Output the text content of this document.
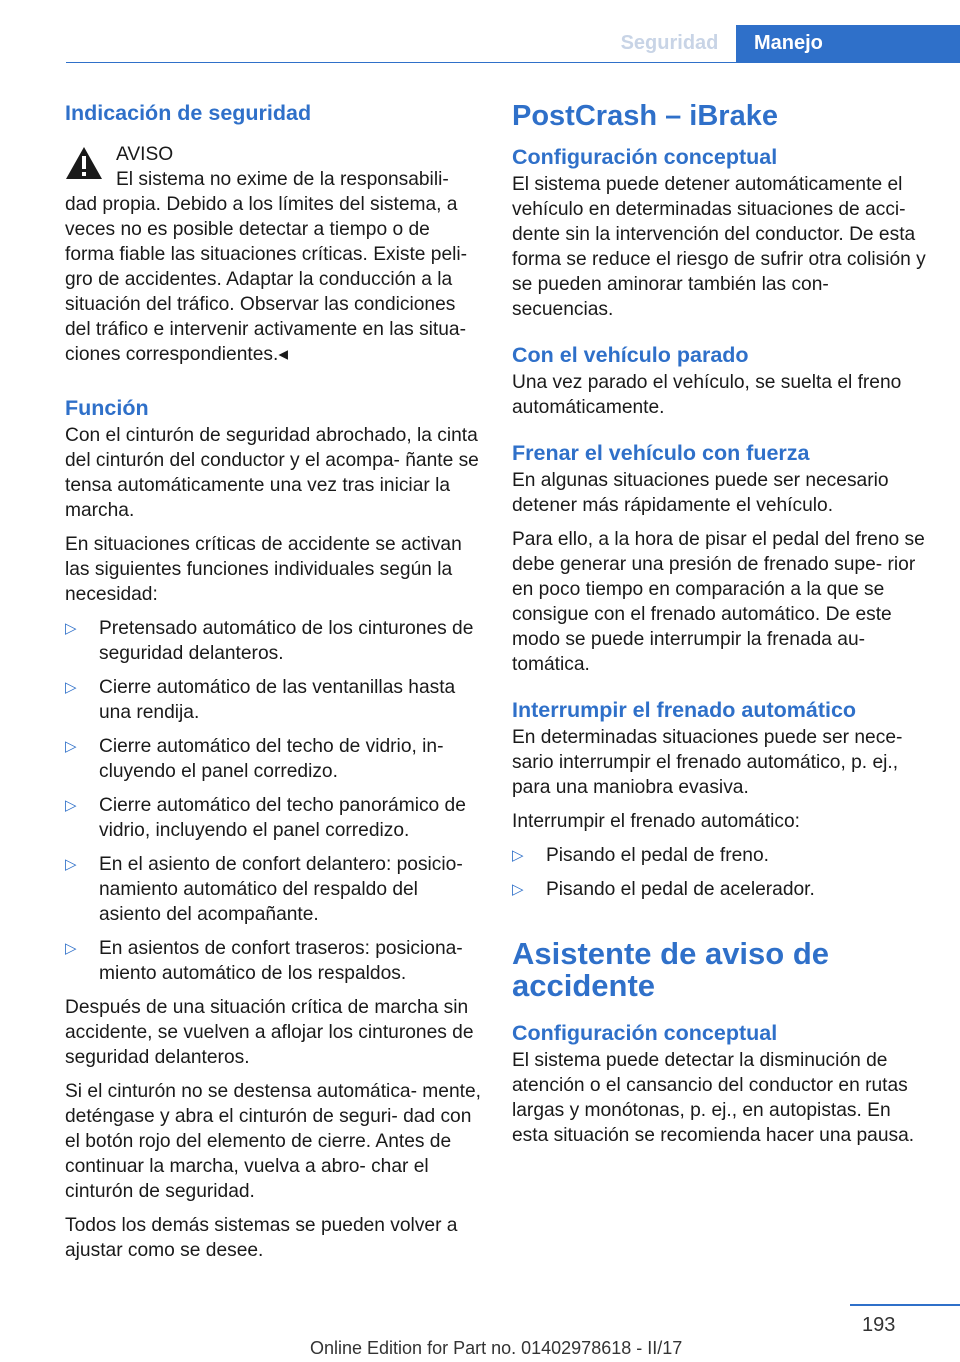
Seguridad	Manejo
Indicación de seguridad

AVISO

El sistema no exime de la responsabili-

dad propia. Debido a los límites del sistema, a veces no es posible detectar a tiempo o de forma fiable las situaciones críticas. Existe peli- gro de accidentes. Adaptar la conducción a la situación del tráfico. Observar las condiciones del tráfico e intervenir activamente en las situa- ciones correspondientes.◂

Función

Con el cinturón de seguridad abrochado, la cinta del cinturón del conductor y el acompa- ñante se tensa automáticamente una vez tras iniciar la marcha.

En situaciones críticas de accidente se activan las siguientes funciones individuales según la necesidad:

▷ Pretensado automático de los cinturones de seguridad delanteros.
▷ Cierre automático de las ventanillas hasta una rendija.
▷ Cierre automático del techo de vidrio, in- cluyendo el panel corredizo.
▷ Cierre automático del techo panorámico de vidrio, incluyendo el panel corredizo.
▷ En el asiento de confort delantero: posicio- namiento automático del respaldo del asiento del acompañante.
▷ En asientos de confort traseros: posiciona- miento automático de los respaldos.

Después de una situación crítica de marcha sin accidente, se vuelven a aflojar los cinturones de seguridad delanteros.

Si el cinturón no se destensa automática- mente, deténgase y abra el cinturón de seguri- dad con el botón rojo del elemento de cierre. Antes de continuar la marcha, vuelva a abro- char el cinturón de seguridad.

Todos los demás sistemas se pueden volver a ajustar como se desee.

PostCrash – iBrake
Configuración conceptual

El sistema puede detener automáticamente el vehículo en determinadas situaciones de acci- dente sin la intervención del conductor. De esta forma se reduce el riesgo de sufrir otra colisión y se pueden aminorar también las con- secuencias.

Con el vehículo parado

Una vez parado el vehículo, se suelta el freno automáticamente.

Frenar el vehículo con fuerza

En algunas situaciones puede ser necesario detener más rápidamente el vehículo.

Para ello, a la hora de pisar el pedal del freno se debe generar una presión de frenado supe- rior en poco tiempo en comparación a la que se consigue con el frenado automático. De este modo se puede interrumpir la frenada au- tomática.

Interrumpir el frenado automático

En determinadas situaciones puede ser nece- sario interrumpir el frenado automático, p. ej., para una maniobra evasiva.

Interrumpir el frenado automático:

▷ Pisando el pedal de freno.
▷ Pisando el pedal de acelerador.
Asistente de aviso de accidente
Configuración conceptual

El sistema puede detectar la disminución de atención o el cansancio del conductor en rutas largas y monótonas, p. ej., en autopistas. En esta situación se recomienda hacer una pausa.

193
Online Edition for Part no. 01402978618 - II/17
